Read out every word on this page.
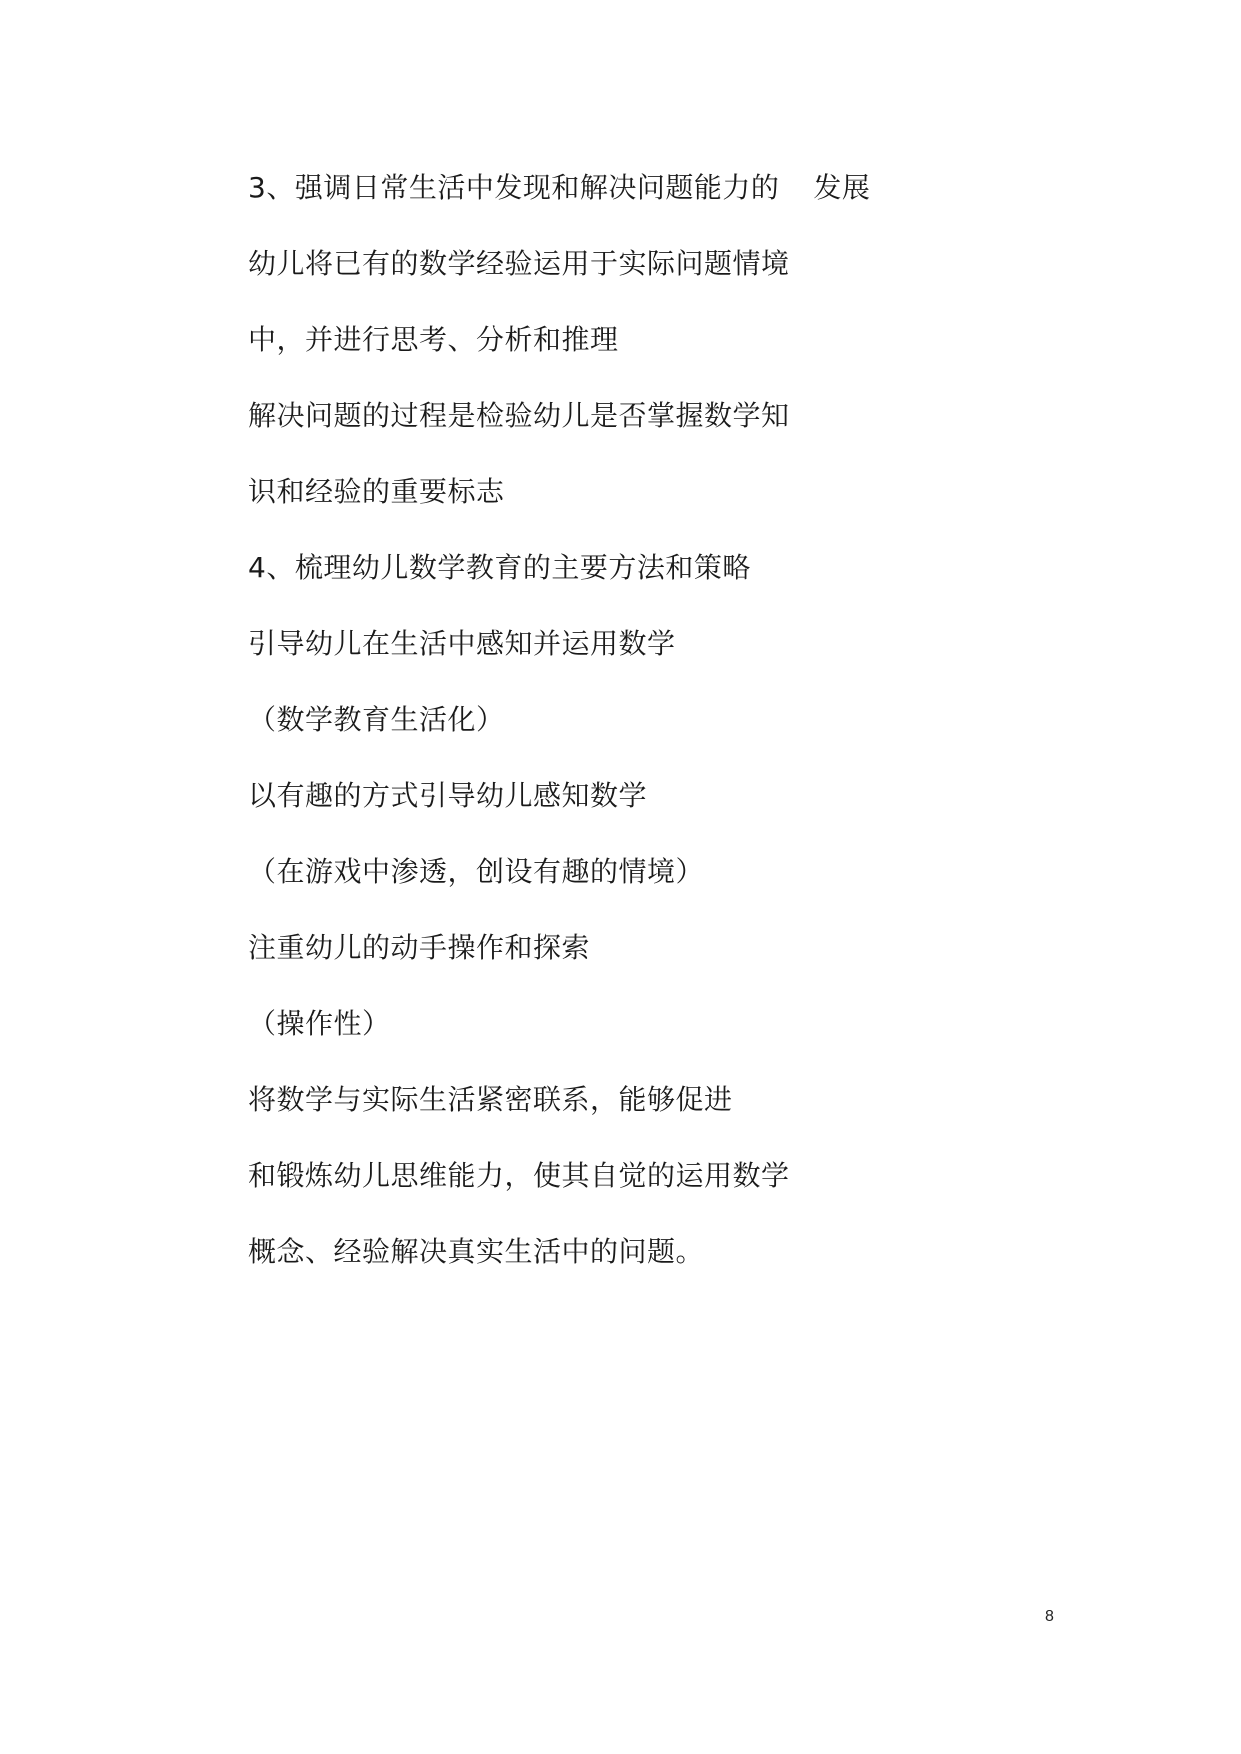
3、强调日常生活中发现和解决问题能力的 发展
幼儿将已有的数学经验运用于实际问题情境
中，并进行思考、分析和推理
解决问题的过程是检验幼儿是否掌握数学知
识和经验的重要标志
4、梳理幼儿数学教育的主要方法和策略
引导幼儿在生活中感知并运用数学
（数学教育生活化）
以有趣的方式引导幼儿感知数学
（在游戏中渗透，创设有趣的情境）
注重幼儿的动手操作和探索
（操作性）
将数学与实际生活紧密联系，能够促进
和锻炼幼儿思维能力，使其自觉的运用数学
概念、经验解决真实生活中的问题。
8
